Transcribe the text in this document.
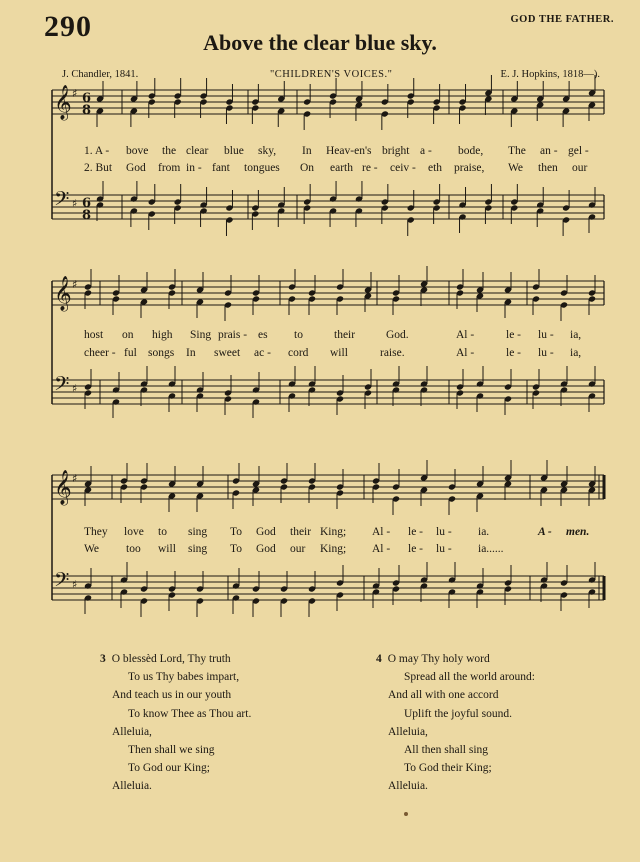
290	GOD THE FATHER.
Above the clear blue sky.
J. Chandler, 1841.	"CHILDREN'S VOICES."	E. J. Hopkins, 1818—).
𝄞 ♯ 6
8
𝄢 ♯ 6
8
𝄞 ♯
𝄢 ♯
𝄞 ♯
𝄢 ♯
1. A - bove the clear blue sky, In Heav-en's bright a - bode, The an - gel -
2. But God from in - fant tongues On earth re - ceiv - eth praise, We then our
host on high Sing prais - es to	their	God.	Al -	le - lu - ia,
cheer - ful songs In sweet ac - cord will	raise.	Al -	le - lu - ia,
They love to sing To God their King; Al - le - lu - ia.	A - men.
We too will sing To God our King; Al - le - lu - ia......
3 O blessèd Lord, Thy truth
To us Thy babes impart,
And teach us in our youth
To know Thee as Thou art.
Alleluia,
Then shall we sing
To God our King;
Alleluia.
4 O may Thy holy word
Spread all the world around:
And all with one accord
Uplift the joyful sound.
Alleluia,
All then shall sing
To God their King;
Alleluia.
